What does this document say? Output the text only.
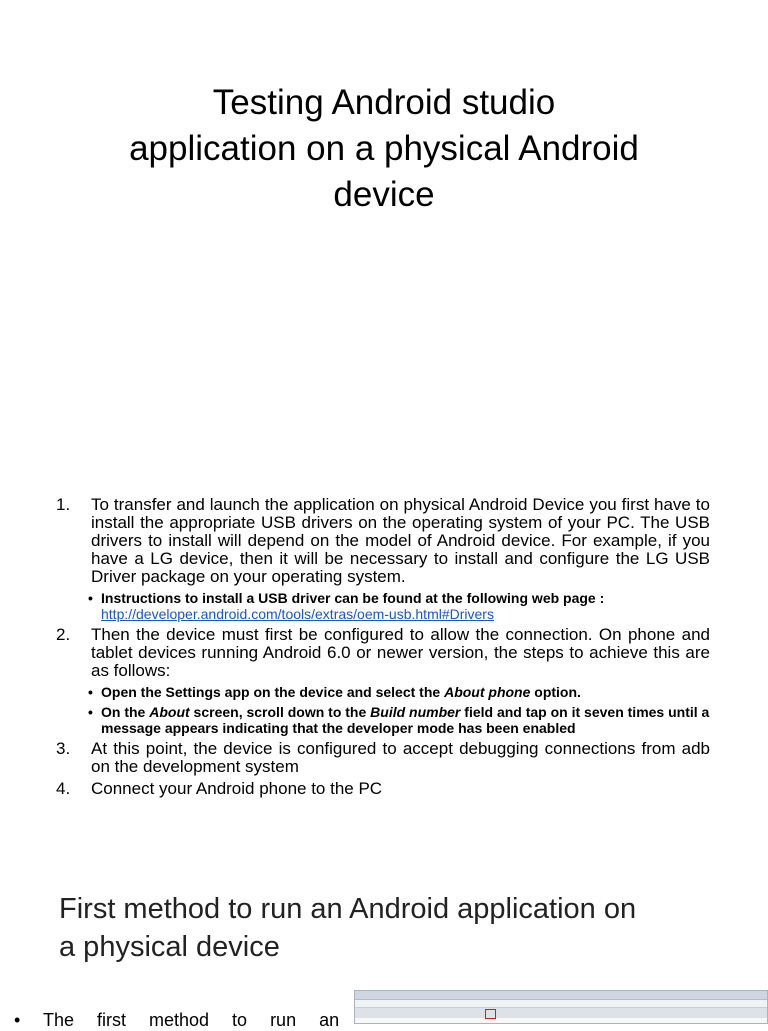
Testing Android studio
application on a physical Android
device
1.	To transfer and launch the application on physical Android Device you first have to install the appropriate USB drivers on the operating system of your PC. The USB drivers to install will depend on the model of Android device. For example, if you have a LG device, then it will be necessary to install and configure the LG USB Driver package on your operating system.
• Instructions to install a USB driver can be found at the following web page :
http://developer.android.com/tools/extras/oem-usb.html#Drivers
2.	Then the device must first be configured to allow the connection. On phone and tablet devices running Android 6.0 or newer version, the steps to achieve this are as follows:
• Open the Settings app on the device and select the About phone option.
• On the About screen, scroll down to the Build number field and tap on it seven times until a message appears indicating that the developer mode has been enabled
3.	At this point, the device is configured to accept debugging connections from adb on the development system
4.	Connect your Android phone to the PC
First method to run an Android application on
a physical device
• The first method to run an
